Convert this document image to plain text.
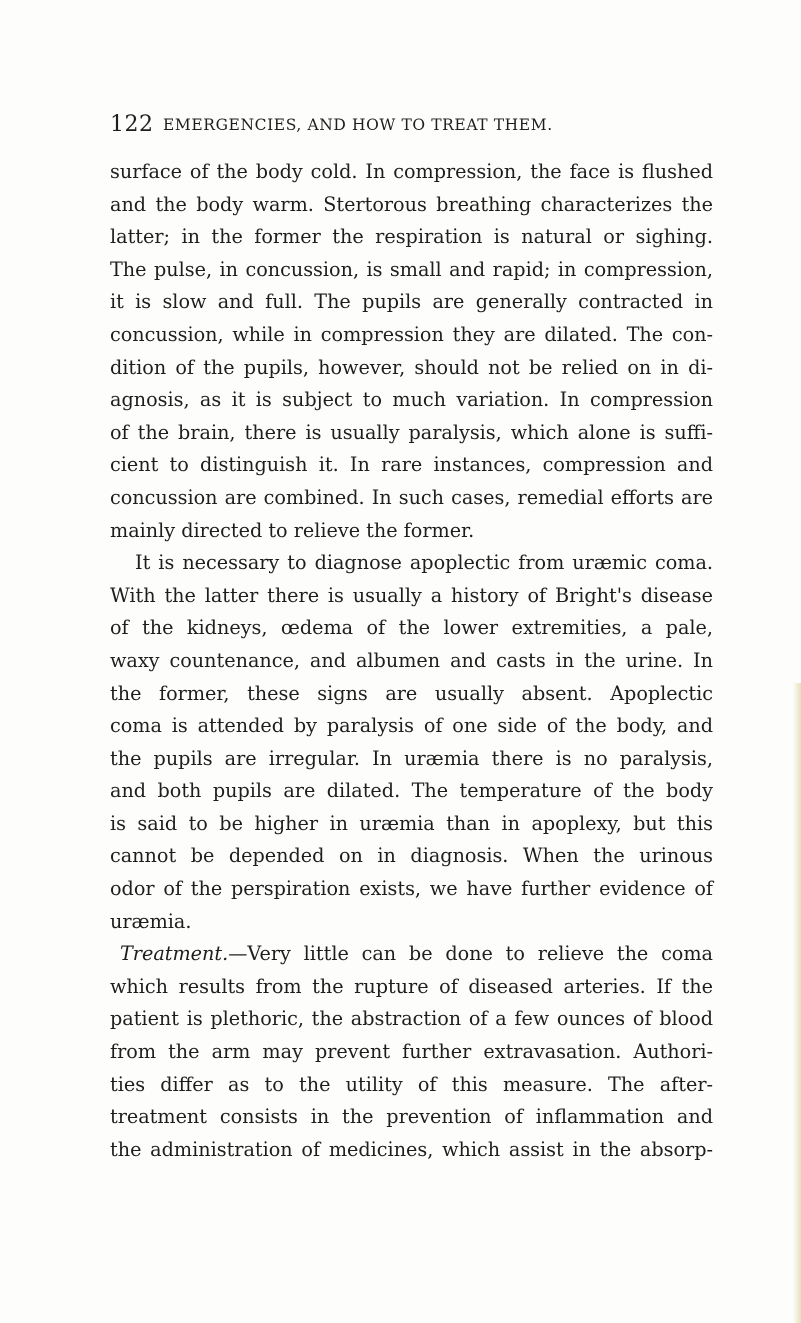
122 EMERGENCIES, AND HOW TO TREAT THEM.
surface of the body cold. In compression, the face is flushed
and the body warm. Stertorous breathing characterizes the
latter; in the former the respiration is natural or sighing.
The pulse, in concussion, is small and rapid; in compression,
it is slow and full. The pupils are generally contracted in
concussion, while in compression they are dilated. The con-
dition of the pupils, however, should not be relied on in di-
agnosis, as it is subject to much variation. In compression
of the brain, there is usually paralysis, which alone is suffi-
cient to distinguish it. In rare instances, compression and
concussion are combined. In such cases, remedial efforts are
mainly directed to relieve the former.
It is necessary to diagnose apoplectic from uræmic coma.
With the latter there is usually a history of Bright's disease
of the kidneys, œdema of the lower extremities, a pale,
waxy countenance, and albumen and casts in the urine. In
the former, these signs are usually absent. Apoplectic
coma is attended by paralysis of one side of the body, and
the pupils are irregular. In uræmia there is no paralysis,
and both pupils are dilated. The temperature of the body
is said to be higher in uræmia than in apoplexy, but this
cannot be depended on in diagnosis. When the urinous
odor of the perspiration exists, we have further evidence of
uræmia.
Treatment.—Very little can be done to relieve the coma
which results from the rupture of diseased arteries. If the
patient is plethoric, the abstraction of a few ounces of blood
from the arm may prevent further extravasation. Authori-
ties differ as to the utility of this measure. The after-
treatment consists in the prevention of inflammation and
the administration of medicines, which assist in the absorp-
